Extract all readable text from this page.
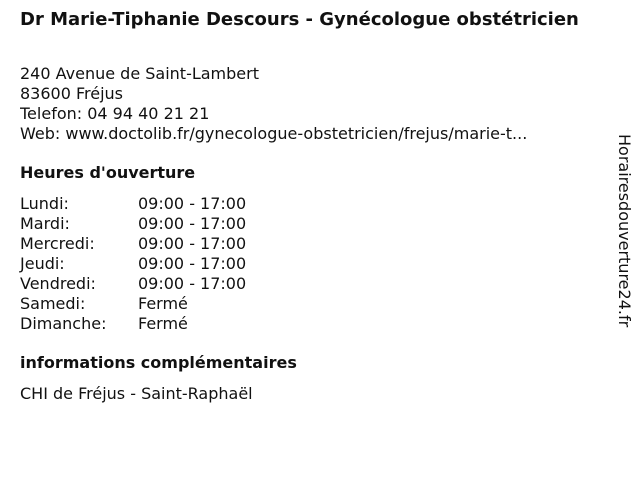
Dr Marie-Tiphanie Descours - Gynécologue obstétricien
240 Avenue de Saint-Lambert
83600 Fréjus
Telefon: 04 94 40 21 21
Web: www.doctolib.fr/gynecologue-obstetricien/frejus/marie-t...
Heures d'ouverture
Lundi:	09:00 - 17:00
Mardi:	09:00 - 17:00
Mercredi:	09:00 - 17:00
Jeudi:	09:00 - 17:00
Vendredi:	09:00 - 17:00
Samedi:	Fermé
Dimanche: Fermé
informations complémentaires
CHI de Fréjus - Saint-Raphaël
Horairesdouverture24.fr
